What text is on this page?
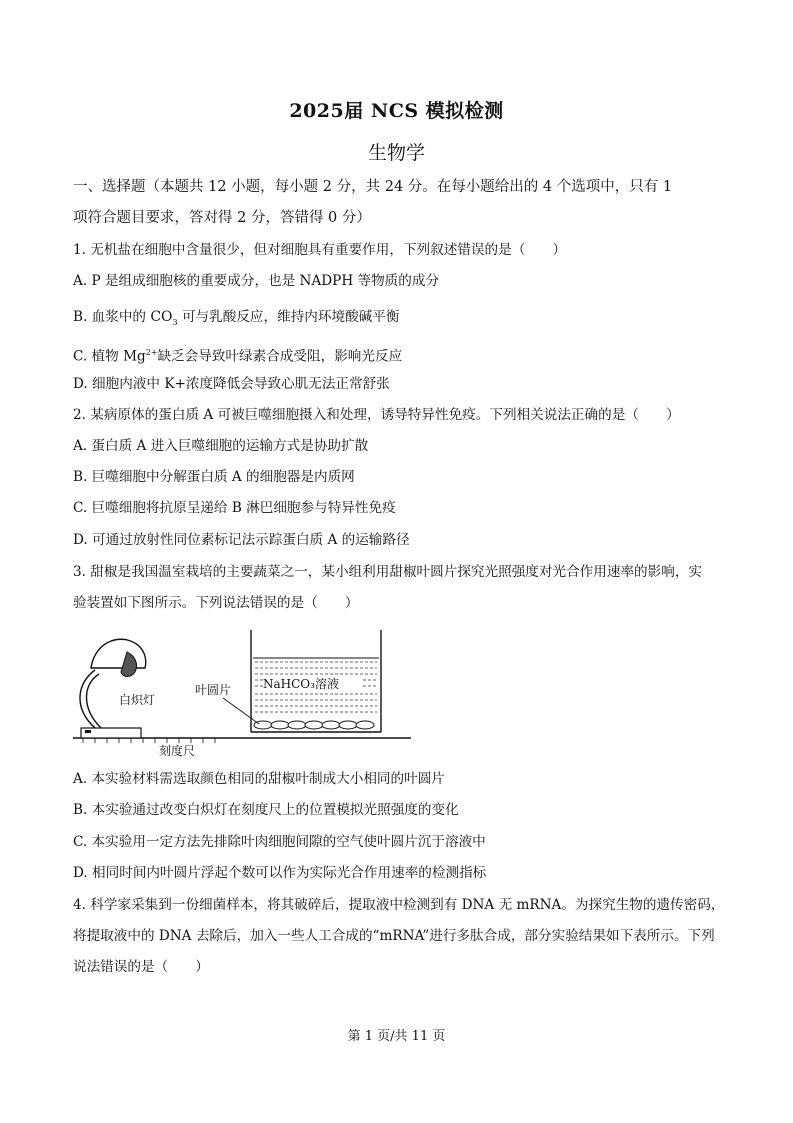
2025届 NCS 模拟检测
生物学
一、选择题（本题共 12 小题，每小题 2 分，共 24 分。在每小题给出的 4 个选项中，只有 1
项符合题目要求，答对得 2 分，答错得 0 分）
1. 无机盐在细胞中含量很少，但对细胞具有重要作用，下列叙述错误的是（　　）
A. P 是组成细胞核的重要成分，也是 NADPH 等物质的成分
B. 血浆中的 $CO_3$ 可与乳酸反应，维持内环境酸碱平衡
C. 植物 $Mg^{2+}$缺乏会导致叶绿素合成受阻，影响光反应
D. 细胞内液中 K+浓度降低会导致心肌无法正常舒张
2. 某病原体的蛋白质 A 可被巨噬细胞摄入和处理，诱导特异性免疫。下列相关说法正确的是（　　）
A. 蛋白质 A 进入巨噬细胞的运输方式是协助扩散
B. 巨噬细胞中分解蛋白质 A 的细胞器是内质网
C. 巨噬细胞将抗原呈递给 B 淋巴细胞参与特异性免疫
D. 可通过放射性同位素标记法示踪蛋白质 A 的运输路径
3. 甜椒是我国温室栽培的主要蔬菜之一，某小组利用甜椒叶圆片探究光照强度对光合作用速率的影响，实
验装置如下图所示。下列说法错误的是（　　）
白炽灯
NaHCO₃溶液
叶圆片
刻度尺
A. 本实验材料需选取颜色相同的甜椒叶制成大小相同的叶圆片
B. 本实验通过改变白炽灯在刻度尺上的位置模拟光照强度的变化
C. 本实验用一定方法先排除叶肉细胞间隙的空气使叶圆片沉于溶液中
D. 相同时间内叶圆片浮起个数可以作为实际光合作用速率的检测指标
4. 科学家采集到一份细菌样本，将其破碎后，提取液中检测到有 DNA 无 mRNA。为探究生物的遗传密码，
将提取液中的 DNA 去除后，加入一些人工合成的“mRNA”进行多肽合成，部分实验结果如下表所示。下列
说法错误的是（　　）
第 1 页/共 11 页
